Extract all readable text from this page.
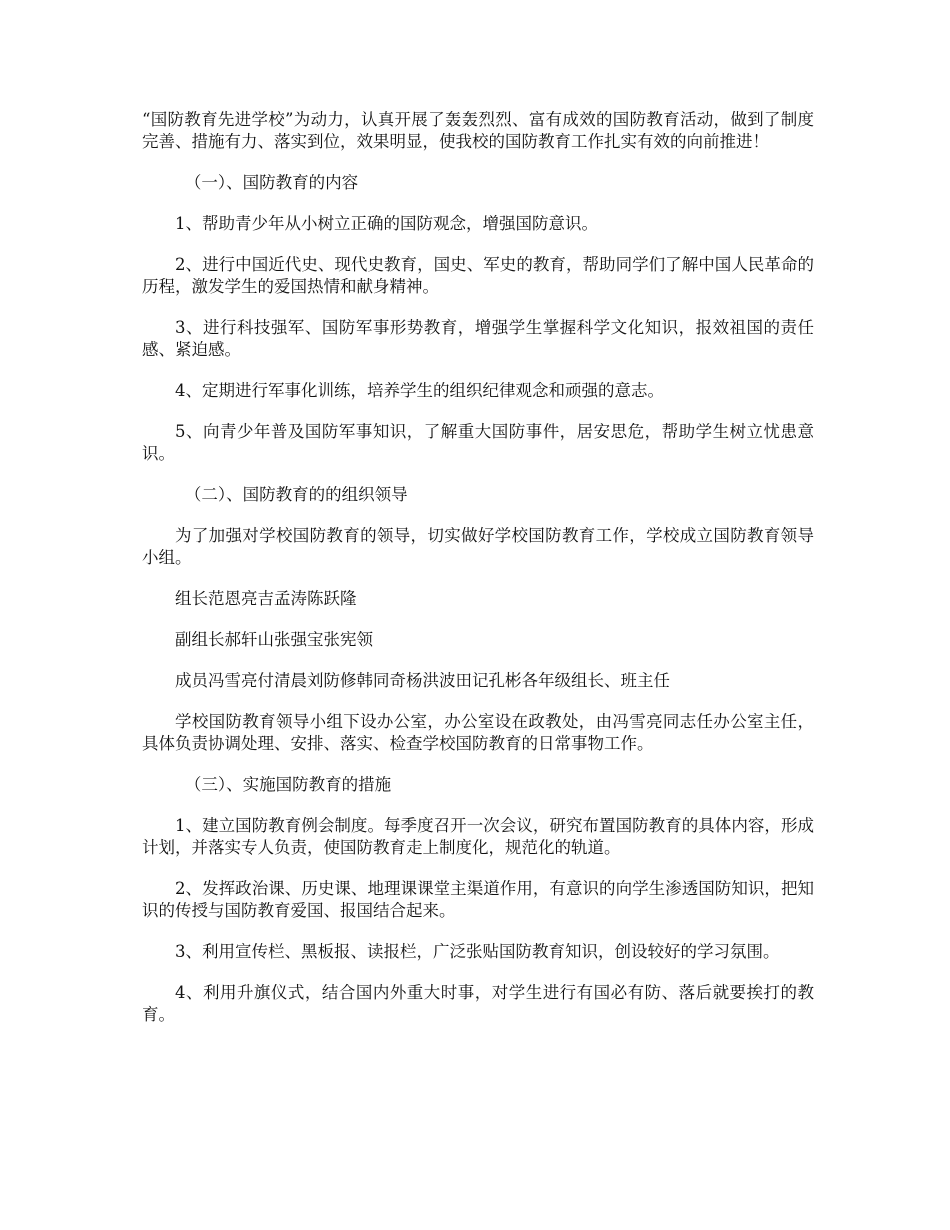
“国防教育先进学校”为动力，认真开展了轰轰烈烈、富有成效的国防教育活动，做到了制度完善、措施有力、落实到位，效果明显，使我校的国防教育工作扎实有效的向前推进！

（一）、国防教育的内容

1、帮助青少年从小树立正确的国防观念，增强国防意识。

2、进行中国近代史、现代史教育，国史、军史的教育，帮助同学们了解中国人民革命的历程，激发学生的爱国热情和献身精神。

3、进行科技强军、国防军事形势教育，增强学生掌握科学文化知识，报效祖国的责任感、紧迫感。

4、定期进行军事化训练，培养学生的组织纪律观念和顽强的意志。

5、向青少年普及国防军事知识，了解重大国防事件，居安思危，帮助学生树立忧患意识。

（二）、国防教育的的组织领导

为了加强对学校国防教育的领导，切实做好学校国防教育工作，学校成立国防教育领导小组。

组长范恩亮吉孟涛陈跃隆

副组长郝轩山张强宝张宪领

成员冯雪亮付清晨刘防修韩同奇杨洪波田记孔彬各年级组长、班主任

学校国防教育领导小组下设办公室，办公室设在政教处，由冯雪亮同志任办公室主任，具体负责协调处理、安排、落实、检查学校国防教育的日常事物工作。

（三）、实施国防教育的措施

1、建立国防教育例会制度。每季度召开一次会议，研究布置国防教育的具体内容，形成计划，并落实专人负责，使国防教育走上制度化，规范化的轨道。

2、发挥政治课、历史课、地理课课堂主渠道作用，有意识的向学生渗透国防知识，把知识的传授与国防教育爱国、报国结合起来。

3、利用宣传栏、黑板报、读报栏，广泛张贴国防教育知识，创设较好的学习氛围。

4、利用升旗仪式，结合国内外重大时事，对学生进行有国必有防、落后就要挨打的教育。
